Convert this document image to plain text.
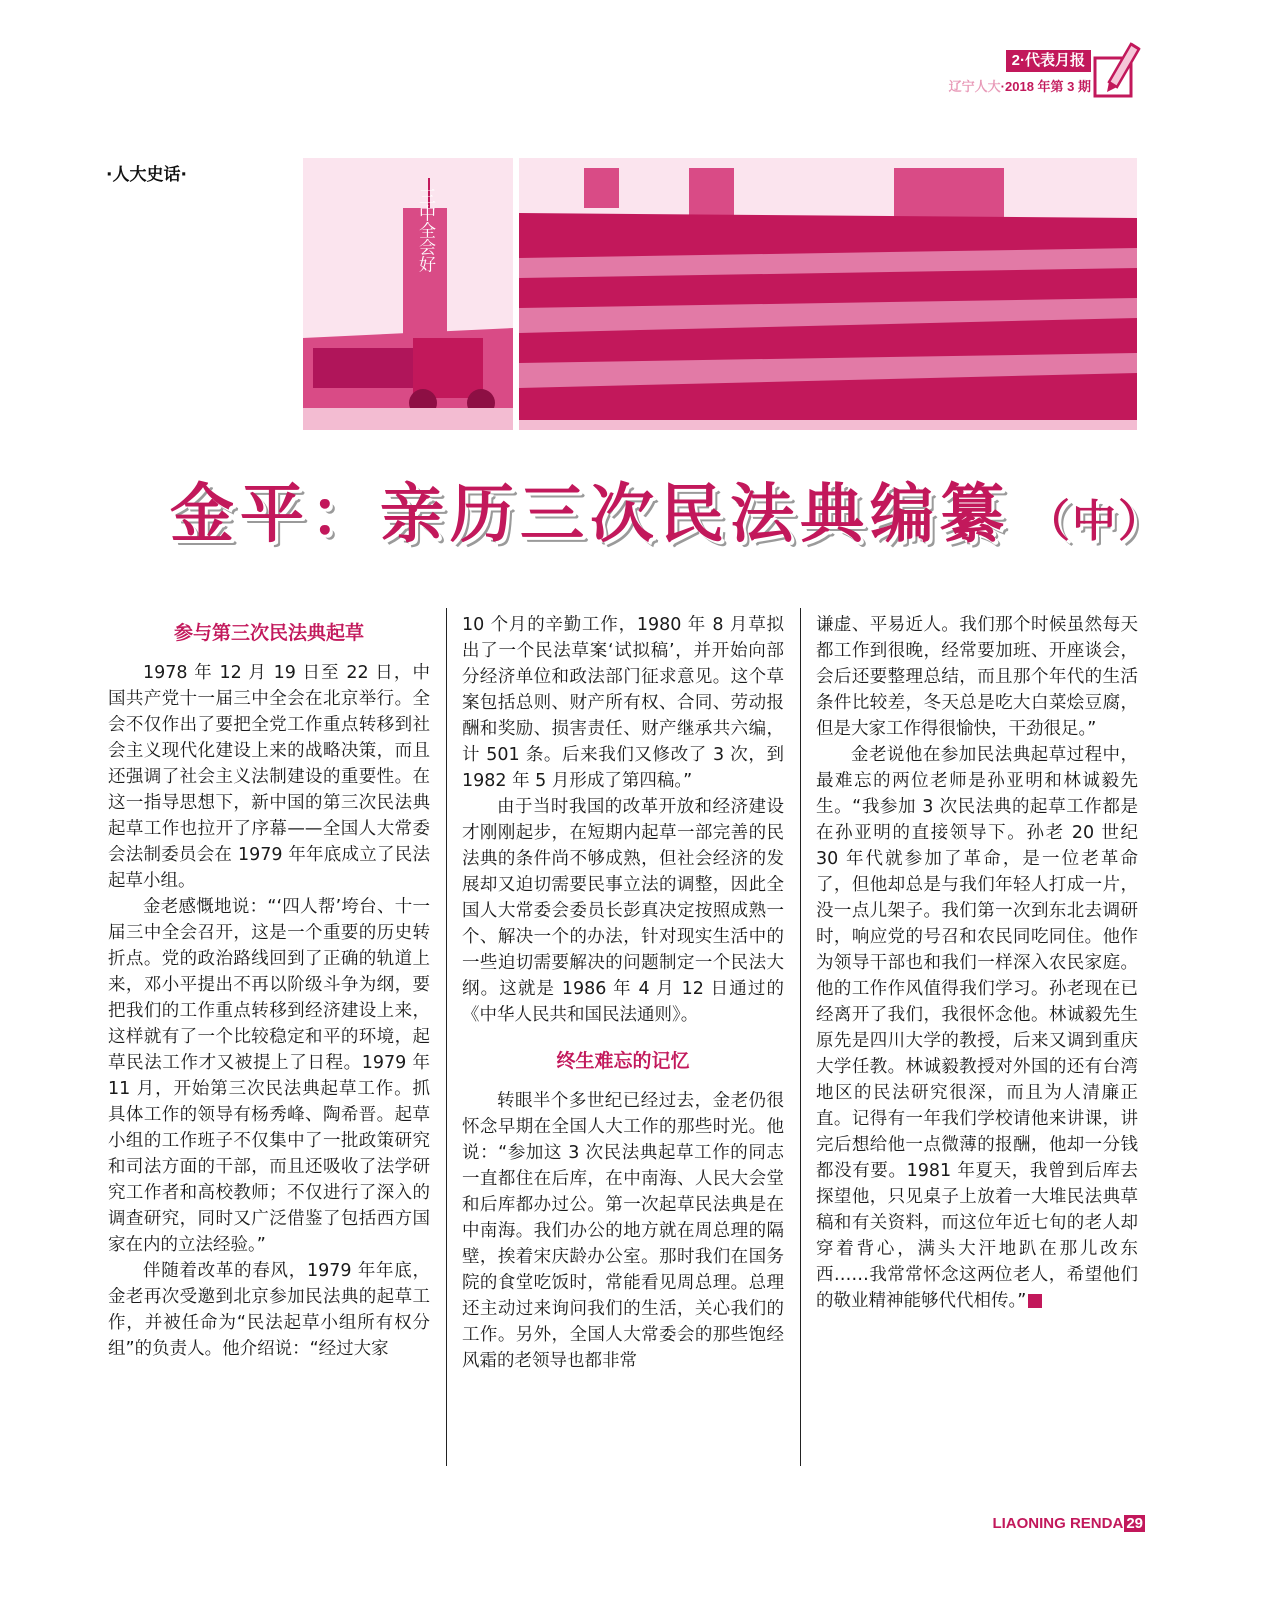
2·代表月报
辽宁人大·2018 年第 3 期
·人大史话·
三中全会好
金平：亲历三次民法典编纂 （中）
参与第三次民法典起草

1978 年 12 月 19 日至 22 日，中国共产党十一届三中全会在北京举行。全会不仅作出了要把全党工作重点转移到社会主义现代化建设上来的战略决策，而且还强调了社会主义法制建设的重要性。在这一指导思想下，新中国的第三次民法典起草工作也拉开了序幕——全国人大常委会法制委员会在 1979 年年底成立了民法起草小组。

金老感慨地说：“‘四人帮’垮台、十一届三中全会召开，这是一个重要的历史转折点。党的政治路线回到了正确的轨道上来，邓小平提出不再以阶级斗争为纲，要把我们的工作重点转移到经济建设上来，这样就有了一个比较稳定和平的环境，起草民法工作才又被提上了日程。1979 年 11 月，开始第三次民法典起草工作。抓具体工作的领导有杨秀峰、陶希晋。起草小组的工作班子不仅集中了一批政策研究和司法方面的干部，而且还吸收了法学研究工作者和高校教师；不仅进行了深入的调查研究，同时又广泛借鉴了包括西方国家在内的立法经验。”

伴随着改革的春风，1979 年年底，金老再次受邀到北京参加民法典的起草工作，并被任命为“民法起草小组所有权分组”的负责人。他介绍说：“经过大家

10 个月的辛勤工作，1980 年 8 月草拟出了一个民法草案‘试拟稿’，并开始向部分经济单位和政法部门征求意见。这个草案包括总则、财产所有权、合同、劳动报酬和奖励、损害责任、财产继承共六编，计 501 条。后来我们又修改了 3 次，到 1982 年 5 月形成了第四稿。”

由于当时我国的改革开放和经济建设才刚刚起步，在短期内起草一部完善的民法典的条件尚不够成熟，但社会经济的发展却又迫切需要民事立法的调整，因此全国人大常委会委员长彭真决定按照成熟一个、解决一个的办法，针对现实生活中的一些迫切需要解决的问题制定一个民法大纲。这就是 1986 年 4 月 12 日通过的《中华人民共和国民法通则》。

终生难忘的记忆

转眼半个多世纪已经过去，金老仍很怀念早期在全国人大工作的那些时光。他说：“参加这 3 次民法典起草工作的同志一直都住在后库，在中南海、人民大会堂和后库都办过公。第一次起草民法典是在中南海。我们办公的地方就在周总理的隔壁，挨着宋庆龄办公室。那时我们在国务院的食堂吃饭时，常能看见周总理。总理还主动过来询问我们的生活，关心我们的工作。另外，全国人大常委会的那些饱经风霜的老领导也都非常

谦虚、平易近人。我们那个时候虽然每天都工作到很晚，经常要加班、开座谈会，会后还要整理总结，而且那个年代的生活条件比较差，冬天总是吃大白菜烩豆腐，但是大家工作得很愉快，干劲很足。”

金老说他在参加民法典起草过程中，最难忘的两位老师是孙亚明和林诚毅先生。“我参加 3 次民法典的起草工作都是在孙亚明的直接领导下。孙老 20 世纪 30 年代就参加了革命，是一位老革命了，但他却总是与我们年轻人打成一片，没一点儿架子。我们第一次到东北去调研时，响应党的号召和农民同吃同住。他作为领导干部也和我们一样深入农民家庭。他的工作作风值得我们学习。孙老现在已经离开了我们，我很怀念他。林诚毅先生原先是四川大学的教授，后来又调到重庆大学任教。林诚毅教授对外国的还有台湾地区的民法研究很深，而且为人清廉正直。记得有一年我们学校请他来讲课，讲完后想给他一点微薄的报酬，他却一分钱都没有要。1981 年夏天，我曾到后库去探望他，只见桌子上放着一大堆民法典草稿和有关资料，而这位年近七旬的老人却穿着背心，满头大汗地趴在那儿改东西……我常常怀念这两位老人，希望他们的敬业精神能够代代相传。”

LIAONING RENDA 29
